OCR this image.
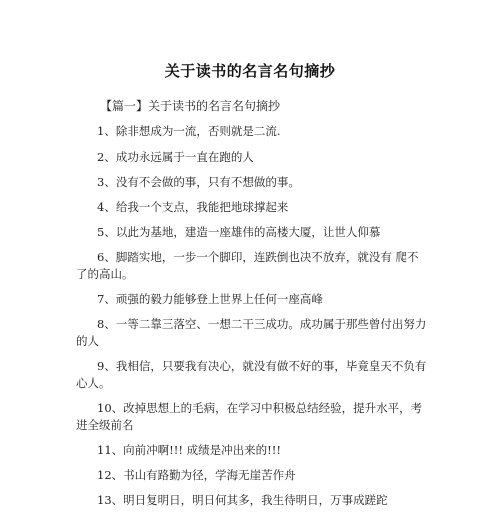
关于读书的名言名句摘抄
【篇一】关于读书的名言名句摘抄
1、除非想成为一流，否则就是二流.
2、成功永远属于一直在跑的人
3、没有不会做的事，只有不想做的事。
4、给我一个支点，我能把地球撑起来
5、以此为基地，建造一座雄伟的高楼大厦，让世人仰慕
6、脚踏实地，一步一个脚印，连跌倒也决不放弃，就没有 爬不
了的高山。
7、顽强的毅力能够登上世界上任何一座高峰
8、一等二靠三落空、一想二干三成功。成功属于那些曾付出努力
的人
9、我相信，只要我有决心，就没有做不好的事，毕竟皇天不负有
心人。
10、改掉思想上的毛病，在学习中积极总结经验，提升水平，考
进全级前名
11、向前冲啊!!! 成绩是冲出来的!!!
12、书山有路勤为径，学海无崖苦作舟
13、明日复明日，明日何其多，我生待明日，万事成蹉跎
